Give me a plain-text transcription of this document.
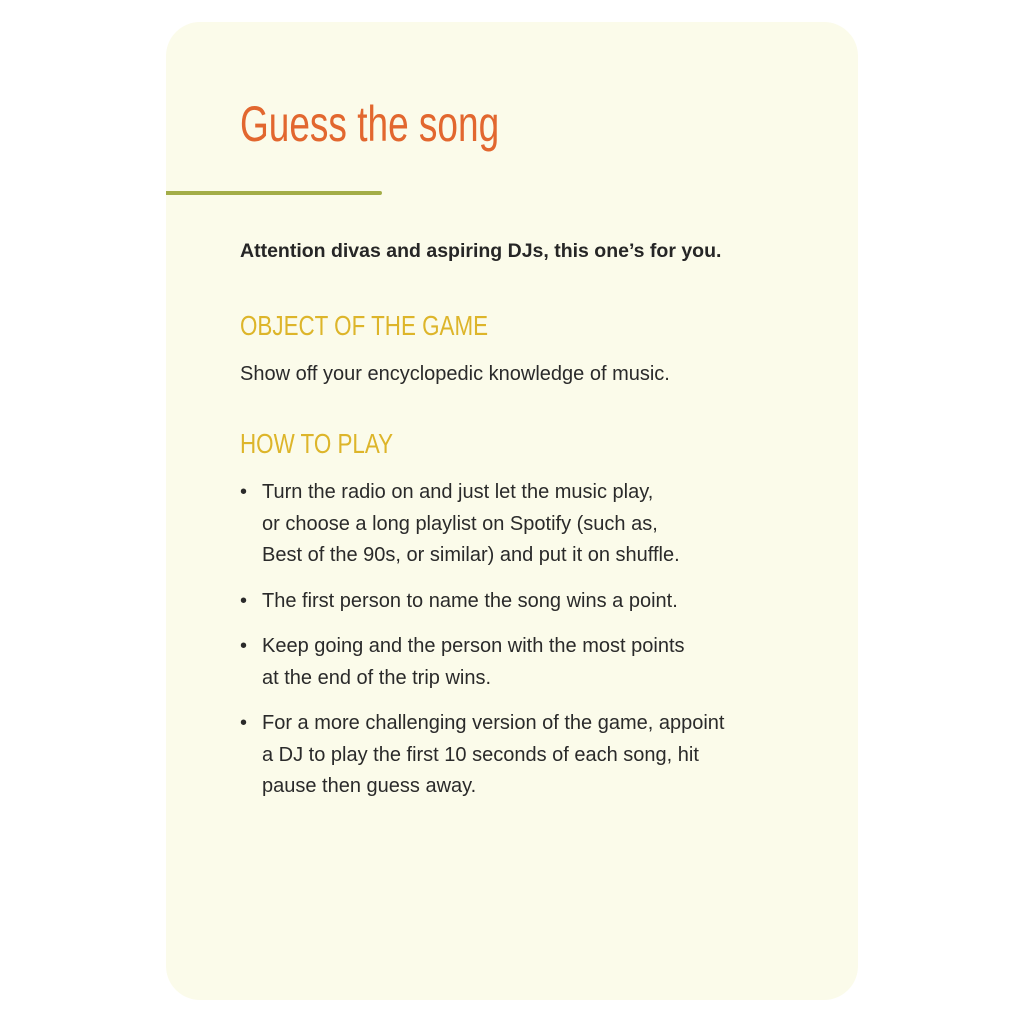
Guess the song

Attention divas and aspiring DJs, this one’s for you.

OBJECT OF THE GAME

Show off your encyclopedic knowledge of music.

HOW TO PLAY
• Turn the radio on and just let the music play,
or choose a long playlist on Spotify (such as,
Best of the 90s, or similar) and put it on shuffle.
• The first person to name the song wins a point.
• Keep going and the person with the most points
at the end of the trip wins.
• For a more challenging version of the game, appoint
a DJ to play the first 10 seconds of each song, hit
pause then guess away.
